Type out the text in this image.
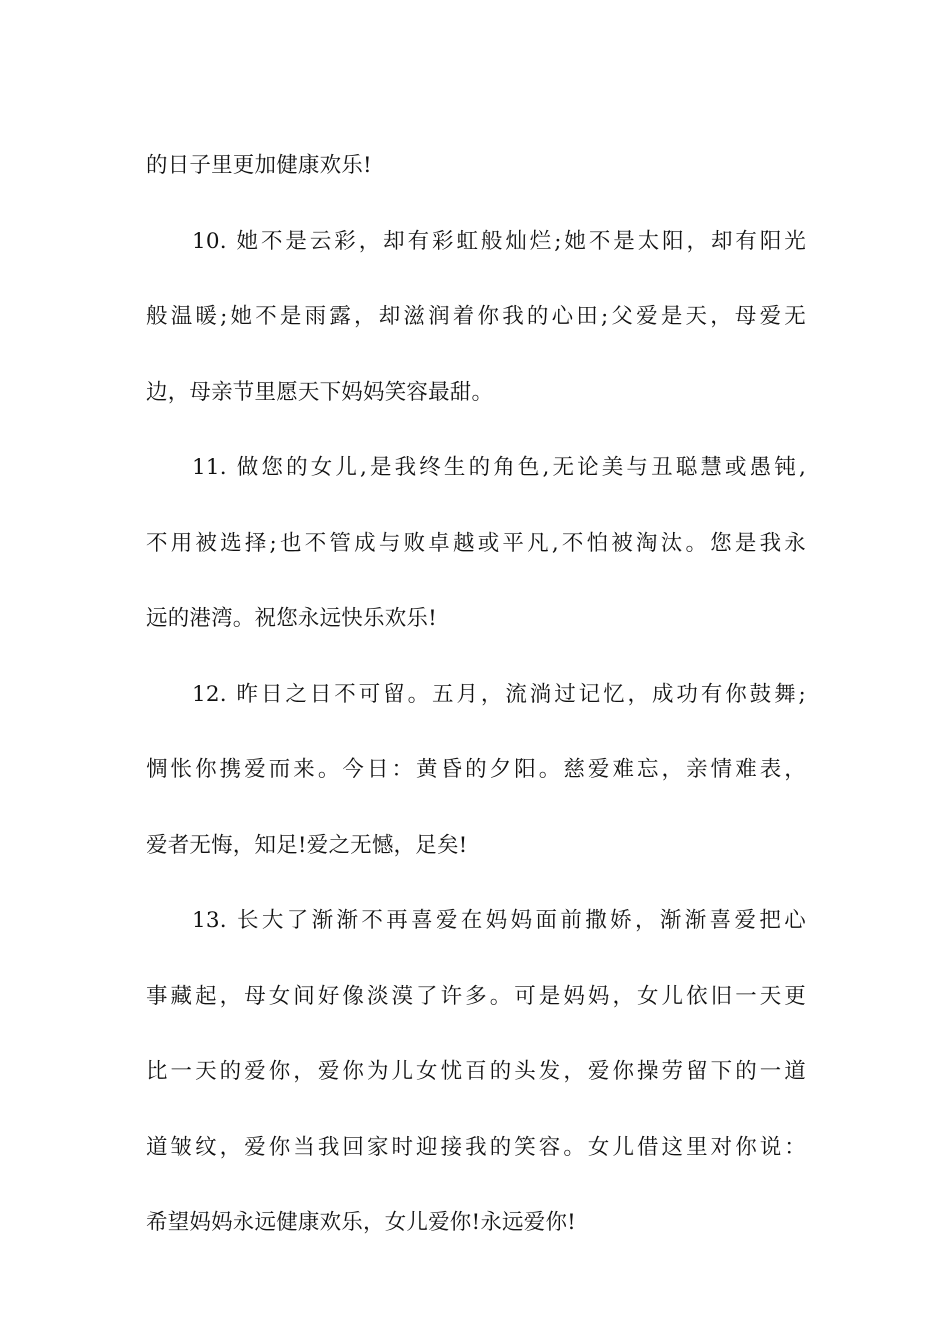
的日子里更加健康欢乐!
10. 她不是云彩，却有彩虹般灿烂;她不是太阳，却有阳光
般温暖;她不是雨露，却滋润着你我的心田;父爱是天，母爱无
边，母亲节里愿天下妈妈笑容最甜。
11. 做您的女儿,是我终生的角色,无论美与丑聪慧或愚钝,
不用被选择;也不管成与败卓越或平凡,不怕被淘汰。您是我永
远的港湾。祝您永远快乐欢乐!
12. 昨日之日不可留。五月，流淌过记忆，成功有你鼓舞;
惆怅你携爱而来。今日：黄昏的夕阳。慈爱难忘，亲情难表，
爱者无悔，知足!爱之无憾，足矣!
13. 长大了渐渐不再喜爱在妈妈面前撒娇，渐渐喜爱把心
事藏起，母女间好像淡漠了许多。可是妈妈，女儿依旧一天更
比一天的爱你，爱你为儿女忧百的头发，爱你操劳留下的一道
道皱纹，爱你当我回家时迎接我的笑容。女儿借这里对你说：
希望妈妈永远健康欢乐，女儿爱你!永远爱你!
